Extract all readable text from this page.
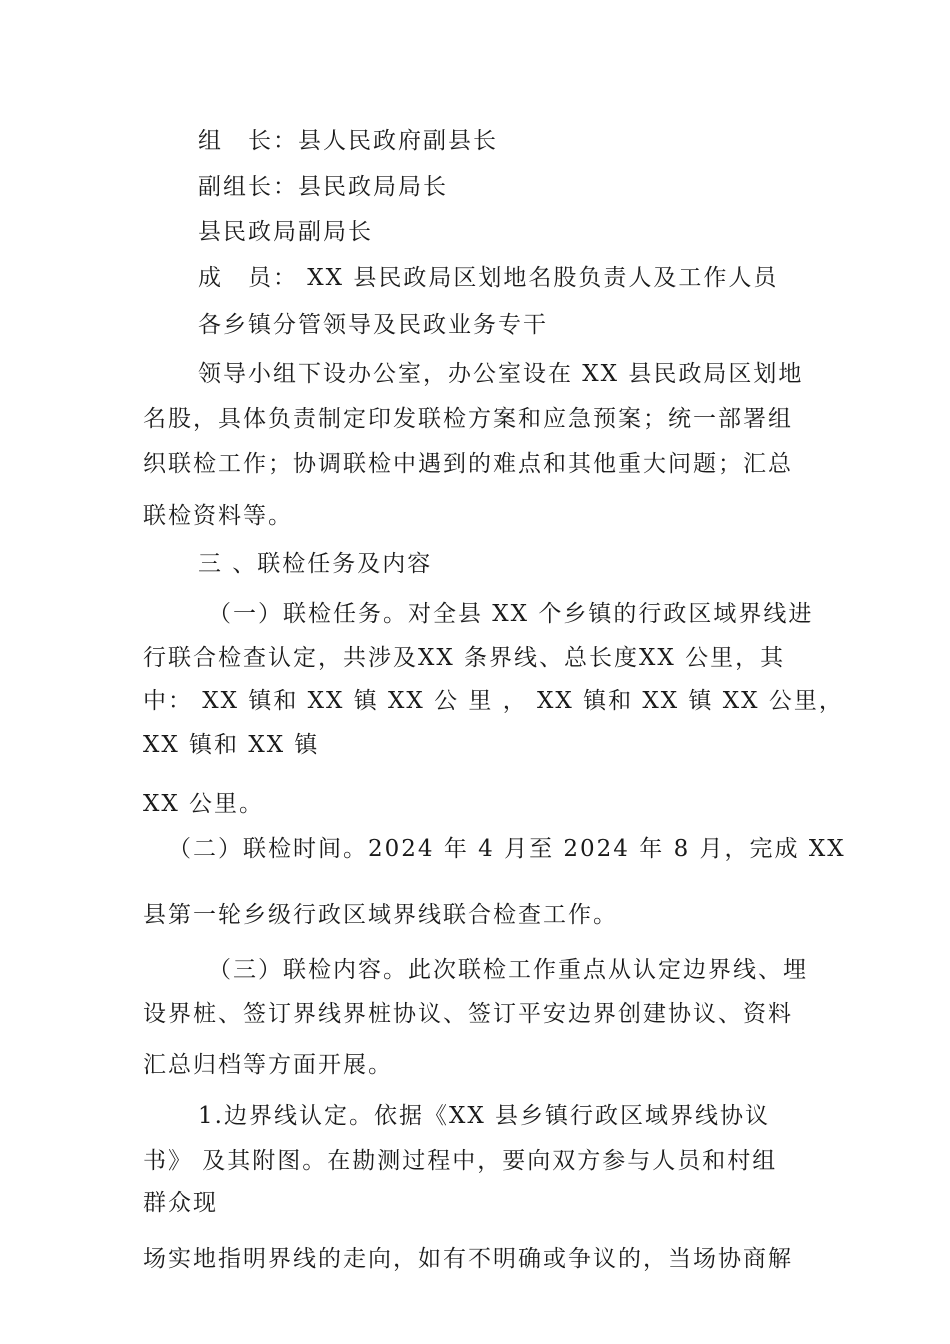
组　长：县人民政府副县长
副组长：县民政局局长
县民政局副局长
成　员： XX 县民政局区划地名股负责人及工作人员
各乡镇分管领导及民政业务专干
领导小组下设办公室，办公室设在 XX 县民政局区划地
名股，具体负责制定印发联检方案和应急预案；统一部署组
织联检工作；协调联检中遇到的难点和其他重大问题；汇总
联检资料等。
三 、联检任务及内容
（一）联检任务。对全县 XX 个乡镇的行政区域界线进
行联合检查认定，共涉及XX 条界线、总长度XX 公里，其
中： XX 镇和 XX 镇 XX 公 里 ， XX 镇和 XX 镇 XX 公里，
XX 镇和 XX 镇
XX 公里。
（二）联检时间。2024 年 4 月至 2024 年 8 月，完成 XX
县第一轮乡级行政区域界线联合检查工作。
（三）联检内容。此次联检工作重点从认定边界线、埋
设界桩、签订界线界桩协议、签订平安边界创建协议、资料
汇总归档等方面开展。
1.边界线认定。依据《XX 县乡镇行政区域界线协议
书》 及其附图。在勘测过程中，要向双方参与人员和村组
群众现
场实地指明界线的走向，如有不明确或争议的，当场协商解
